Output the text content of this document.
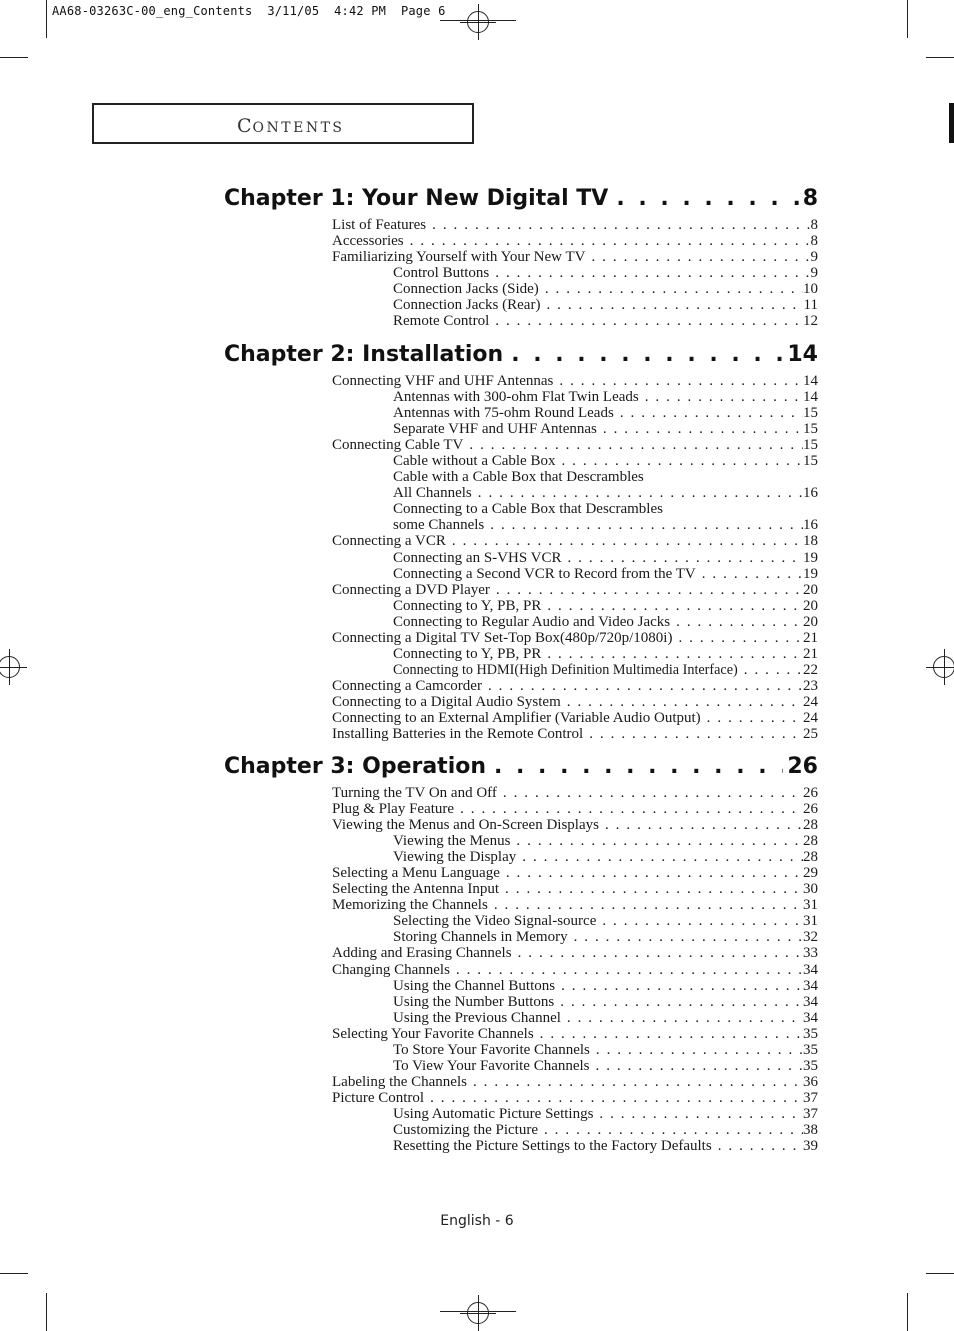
AA68-03263C-00_eng_Contents  3/11/05  4:42 PM  Page 6
CONTENTS
Chapter 1: Your New Digital TV . . .	8
List of Features . . .	8
Accessories . . .	8
Familiarizing Yourself with Your New TV . . .	9
Control Buttons . . .	9
Connection Jacks (Side) . . .	10
Connection Jacks (Rear) . . .	11
Remote Control . . .	12
Chapter 2: Installation . . .	14
Connecting VHF and UHF Antennas . . .	14
Antennas with 300-ohm Flat Twin Leads . . .	14
Antennas with 75-ohm Round Leads . . .	15
Separate VHF and UHF Antennas . . .	15
Connecting Cable TV . . .	15
Cable without a Cable Box . . .	15
Cable with a Cable Box that Descrambles
All Channels . . .	16
Connecting to a Cable Box that Descrambles
some Channels . . .	16
Connecting a VCR . . .	18
Connecting an S-VHS VCR . . .	19
Connecting a Second VCR to Record from the TV . . .	19
Connecting a DVD Player . . .	20
Connecting to Y, PB, PR . . .	20
Connecting to Regular Audio and Video Jacks . . .	20
Connecting a Digital TV Set-Top Box(480p/720p/1080i) . . .	21
Connecting to Y, PB, PR . . .	21
Connecting to HDMI(High Definition Multimedia Interface) . . .	22
Connecting a Camcorder . . .	23
Connecting to a Digital Audio System . . .	24
Connecting to an External Amplifier (Variable Audio Output) . . .	24
Installing Batteries in the Remote Control . . .	25
Chapter 3: Operation . . .	26
Turning the TV On and Off . . .	26
Plug & Play Feature . . .	26
Viewing the Menus and On-Screen Displays . . .	28
Viewing the Menus . . .	28
Viewing the Display . . .	28
Selecting a Menu Language . . .	29
Selecting the Antenna Input . . .	30
Memorizing the Channels . . .	31
Selecting the Video Signal-source . . .	31
Storing Channels in Memory . . .	32
Adding and Erasing Channels . . .	33
Changing Channels . . .	34
Using the Channel Buttons . . .	34
Using the Number Buttons . . .	34
Using the Previous Channel . . .	34
Selecting Your Favorite Channels . . .	35
To Store Your Favorite Channels . . .	35
To View Your Favorite Channels . . .	35
Labeling the Channels . . .	36
Picture Control . . .	37
Using Automatic Picture Settings . . .	37
Customizing the Picture . . .	38
Resetting the Picture Settings to the Factory Defaults . . .	39
English - 6
